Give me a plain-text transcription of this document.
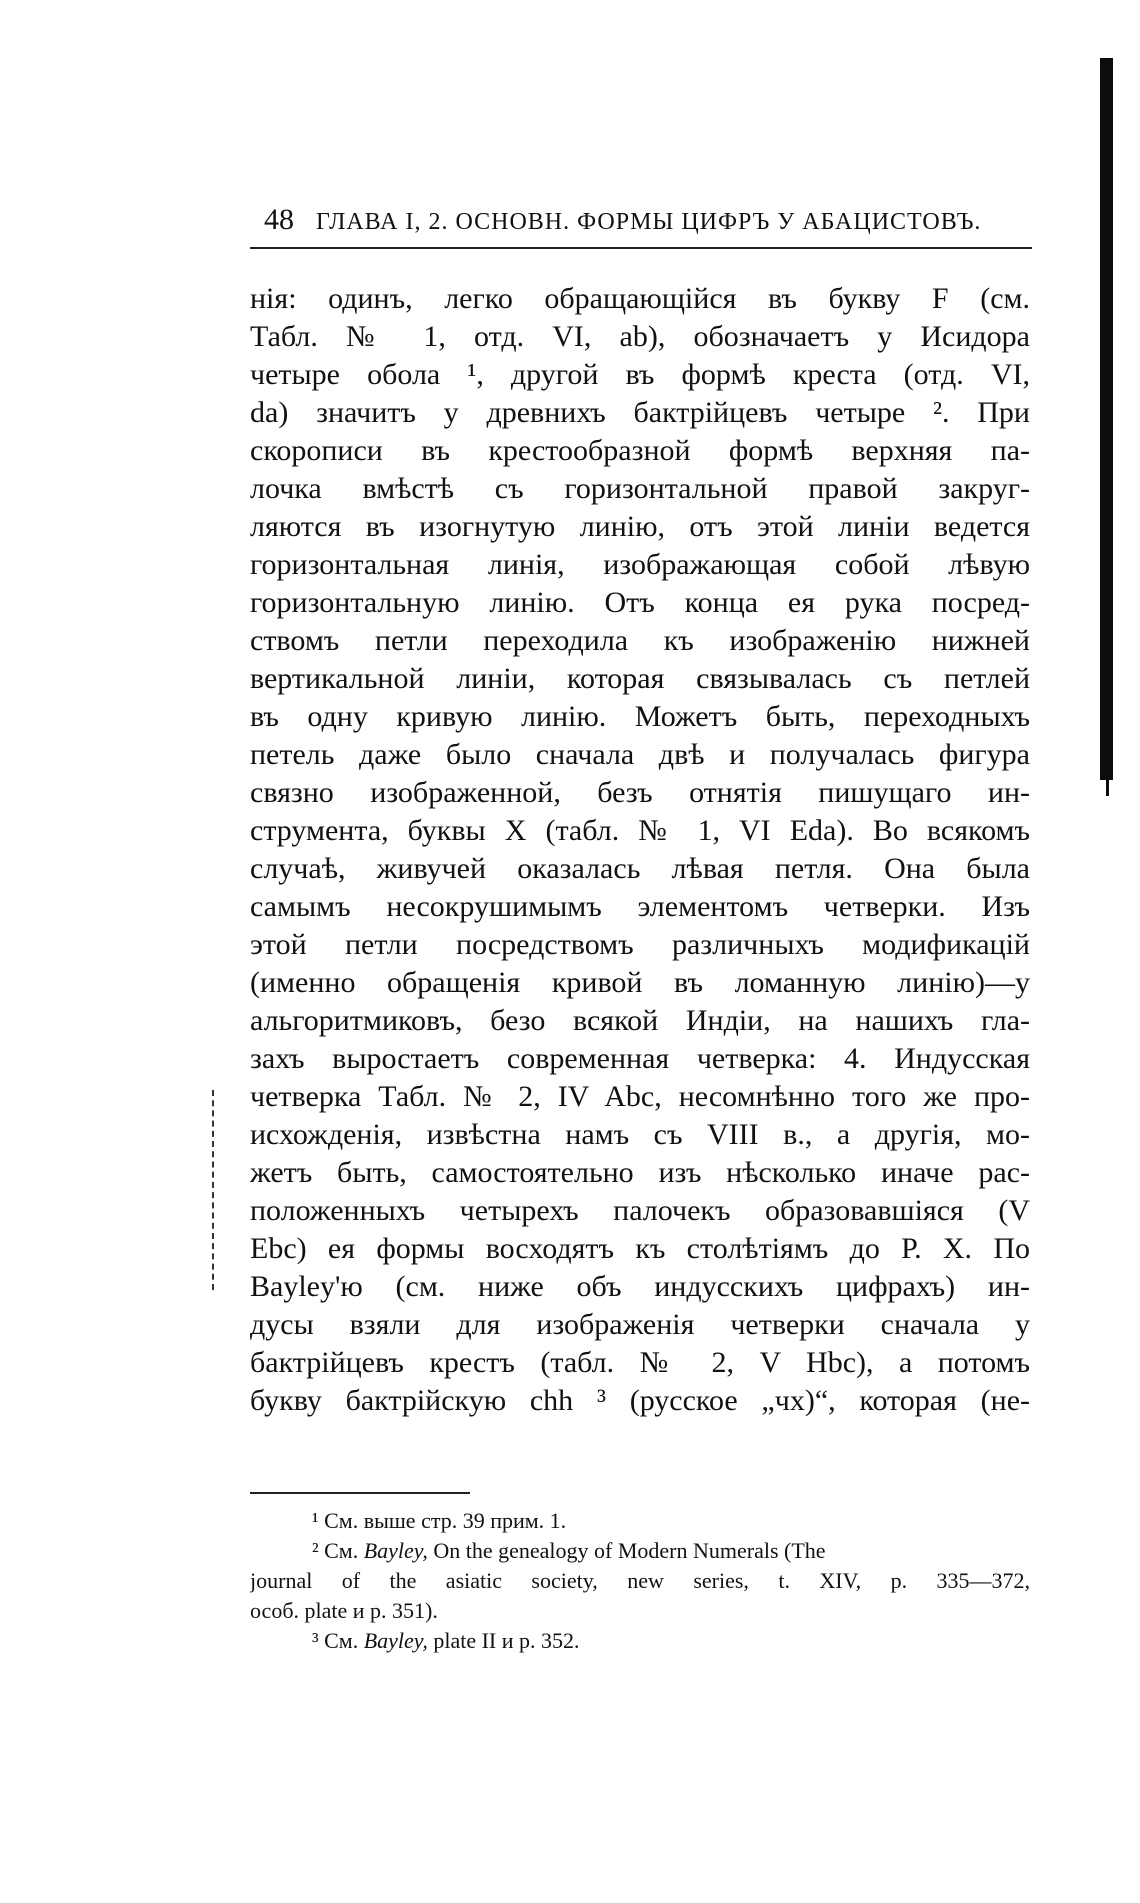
48 ГЛАВА I, 2. ОСНОВН. ФОРМЫ ЦИФРЪ У АБАЦИСТОВЪ.
нія: одинъ, легко обращающійся въ букву F (см.
Табл. № 1, отд. VI, ab), обозначаетъ у Исидора
четыре обола ¹, другой въ формѣ креста (отд. VI,
da) значитъ у древнихъ бактрійцевъ четыре ². При
скорописи въ крестообразной формѣ верхняя па-
лочка вмѣстѣ съ горизонтальной правой закруг-
ляются въ изогнутую линію, отъ этой линіи ведется
горизонтальная линія, изображающая собой лѣвую
горизонтальную линію. Отъ конца ея рука посред-
ствомъ петли переходила къ изображенію нижней
вертикальной линіи, которая связывалась съ петлей
въ одну кривую линію. Можетъ быть, переходныхъ
петель даже было сначала двѣ и получалась фигура
связно изображенной, безъ отнятія пишущаго ин-
струмента, буквы X (табл. № 1, VI Eda). Во всякомъ
случаѣ, живучей оказалась лѣвая петля. Она была
самымъ несокрушимымъ элементомъ четверки. Изъ
этой петли посредствомъ различныхъ модификацій
(именно обращенія кривой въ ломанную линію)—у
альгоритмиковъ, безо всякой Индіи, на нашихъ гла-
захъ выростаетъ современная четверка: 4. Индусская
четверка Табл. № 2, IV Abc, несомнѣнно того же про-
исхожденія, извѣстна намъ съ VIII в., а другія, мо-
жетъ быть, самостоятельно изъ нѣсколько иначе рас-
положенныхъ четырехъ палочекъ образовавшіяся (V
Ebc) ея формы восходятъ къ столѣтіямъ до Р. Х. По
Bayley'ю (см. ниже объ индусскихъ цифрахъ) ин-
дусы взяли для изображенія четверки сначала у
бактрійцевъ крестъ (табл. № 2, V Hbc), а потомъ
букву бактрійскую chh ³ (русское „чх)“, которая (не-
¹ См. выше стр. 39 прим. 1.
² См. Bayley, On the genealogy of Modern Numerals (The
journal of the asiatic society, new series, t. XIV, p. 335—372,
особ. plate и p. 351).
³ См. Bayley, plate II и p. 352.
